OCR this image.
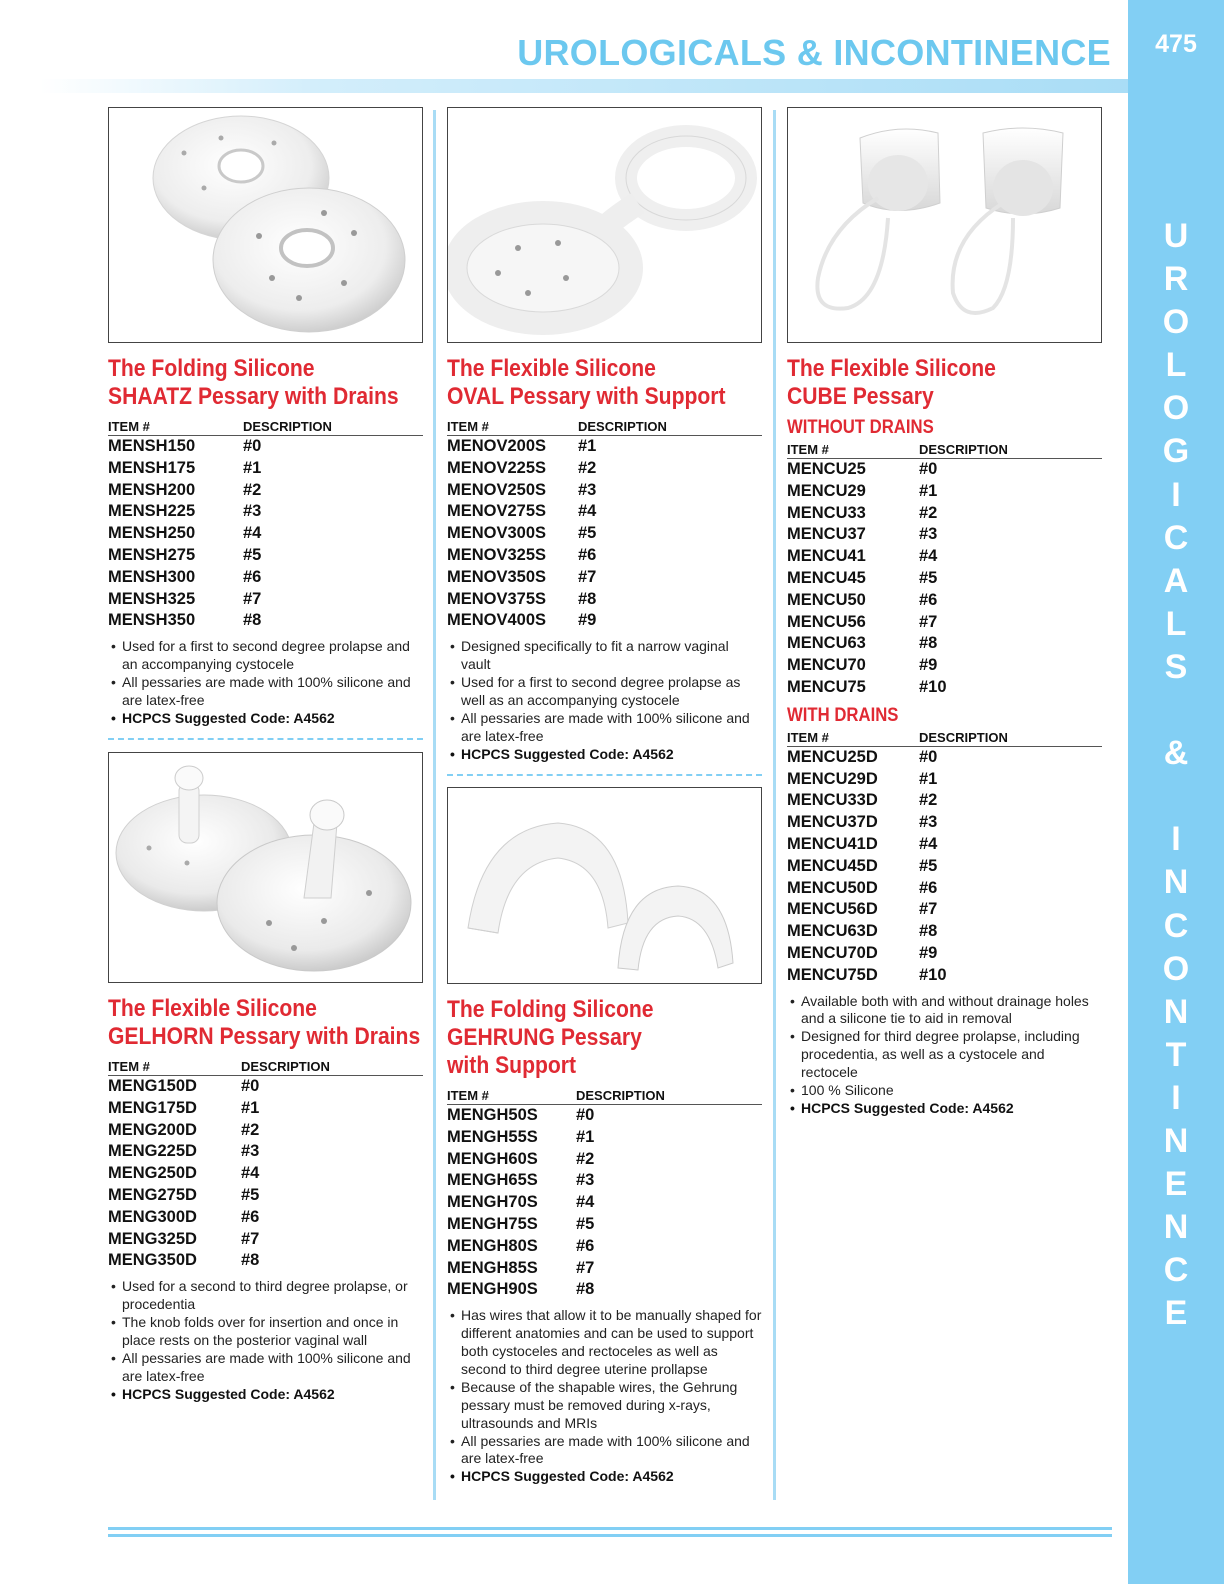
475
U
R
O
L
O
G
I
C
A
L
S
&
I
N
C
O
N
T
I
N
E
N
C
E
UROLOGICALS & INCONTINENCE
The Folding Silicone
SHAATZ Pessary with Drains
ITEM #	DESCRIPTION
MENSH150	#0
MENSH175	#1
MENSH200	#2
MENSH225	#3
MENSH250	#4
MENSH275	#5
MENSH300	#6
MENSH325	#7
MENSH350	#8
• Used for a first to second degree prolapse and an accompanying cystocele
• All pessaries are made with 100% silicone and are latex-free
• HCPCS Suggested Code: A4562
The Flexible Silicone
GELHORN Pessary with Drains
ITEM #	DESCRIPTION
MENG150D	#0
MENG175D	#1
MENG200D	#2
MENG225D	#3
MENG250D	#4
MENG275D	#5
MENG300D	#6
MENG325D	#7
MENG350D	#8
• Used for a second to third degree prolapse, or procedentia
• The knob folds over for insertion and once in place rests on the posterior vaginal wall
• All pessaries are made with 100% silicone and are latex-free
• HCPCS Suggested Code: A4562
The Flexible Silicone
OVAL Pessary with Support
ITEM #	DESCRIPTION
MENOV200S	#1
MENOV225S	#2
MENOV250S	#3
MENOV275S	#4
MENOV300S	#5
MENOV325S	#6
MENOV350S	#7
MENOV375S	#8
MENOV400S	#9
• Designed specifically to fit a narrow vaginal vault
• Used for a first to second degree prolapse as well as an accompanying cystocele
• All pessaries are made with 100% silicone and are latex-free
• HCPCS Suggested Code: A4562
The Folding Silicone
GEHRUNG Pessary
with Support
ITEM #	DESCRIPTION
MENGH50S	#0
MENGH55S	#1
MENGH60S	#2
MENGH65S	#3
MENGH70S	#4
MENGH75S	#5
MENGH80S	#6
MENGH85S	#7
MENGH90S	#8
• Has wires that allow it to be manually shaped for different anatomies and can be used to support both cystoceles and rectoceles as well as second to third degree uterine prollapse
• Because of the shapable wires, the Gehrung pessary must be removed during x-rays, ultrasounds and MRIs
• All pessaries are made with 100% silicone and are latex-free
• HCPCS Suggested Code: A4562
The Flexible Silicone
CUBE Pessary
WITHOUT DRAINS
ITEM #	DESCRIPTION
MENCU25	#0
MENCU29	#1
MENCU33	#2
MENCU37	#3
MENCU41	#4
MENCU45	#5
MENCU50	#6
MENCU56	#7
MENCU63	#8
MENCU70	#9
MENCU75	#10
WITH DRAINS
ITEM #	DESCRIPTION
MENCU25D	#0
MENCU29D	#1
MENCU33D	#2
MENCU37D	#3
MENCU41D	#4
MENCU45D	#5
MENCU50D	#6
MENCU56D	#7
MENCU63D	#8
MENCU70D	#9
MENCU75D	#10
• Available both with and without drainage holes and a silicone tie to aid in removal
• Designed for third degree prolapse, including procedentia, as well as a cystocele and rectocele
• 100 % Silicone
• HCPCS Suggested Code: A4562
